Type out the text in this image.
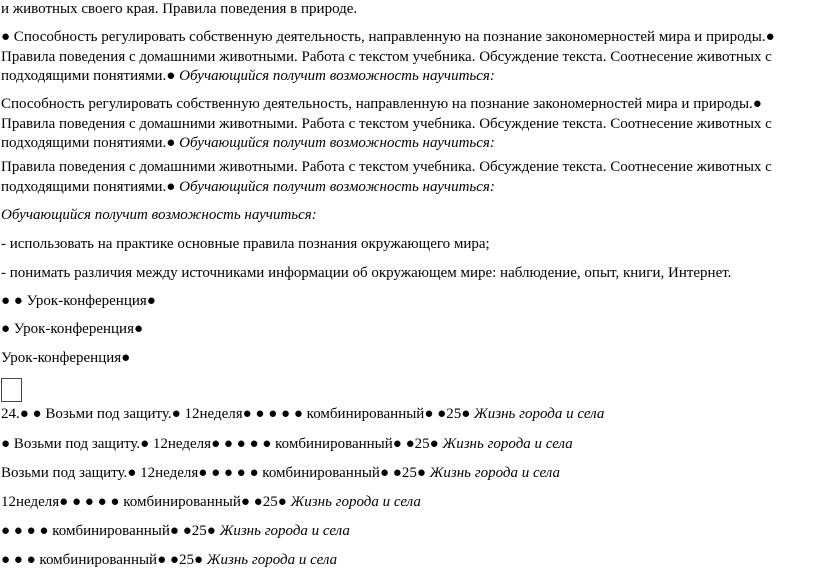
и животных своего края. Правила поведения в природе.

● Способность регулировать собственную деятельность, направленную на познание закономерностей мира и природы.● Правила поведения с домашними животными. Работа с текстом учебника. Обсуждение текста. Соотнесение животных с подходящими понятиями.● Обучающийся получит возможность научиться:

Способность регулировать собственную деятельность, направленную на познание закономерностей мира и природы.● Правила поведения с домашними животными. Работа с текстом учебника. Обсуждение текста. Соотнесение животных с подходящими понятиями.● Обучающийся получит возможность научиться:

Правила поведения с домашними животными. Работа с текстом учебника. Обсуждение текста. Соотнесение животных с подходящими понятиями.● Обучающийся получит возможность научиться:

Обучающийся получит возможность научиться:

- использовать на практике основные правила познания окружающего мира;

- понимать различия между источниками информации об окружающем мире: наблюдение, опыт, книги, Интернет.

● ● Урок-конференция●

● Урок-конференция●

Урок-конференция●

24.● ● Возьми под защиту.● 12неделя● ● ● ● ● комбинированный● ●25● Жизнь города и села

● Возьми под защиту.● 12неделя● ● ● ● ● комбинированный● ●25● Жизнь города и села

Возьми под защиту.● 12неделя● ● ● ● ● комбинированный● ●25● Жизнь города и села

12неделя● ● ● ● ● комбинированный● ●25● Жизнь города и села

● ● ● ● комбинированный● ●25● Жизнь города и села

● ● ● комбинированный● ●25● Жизнь города и села
